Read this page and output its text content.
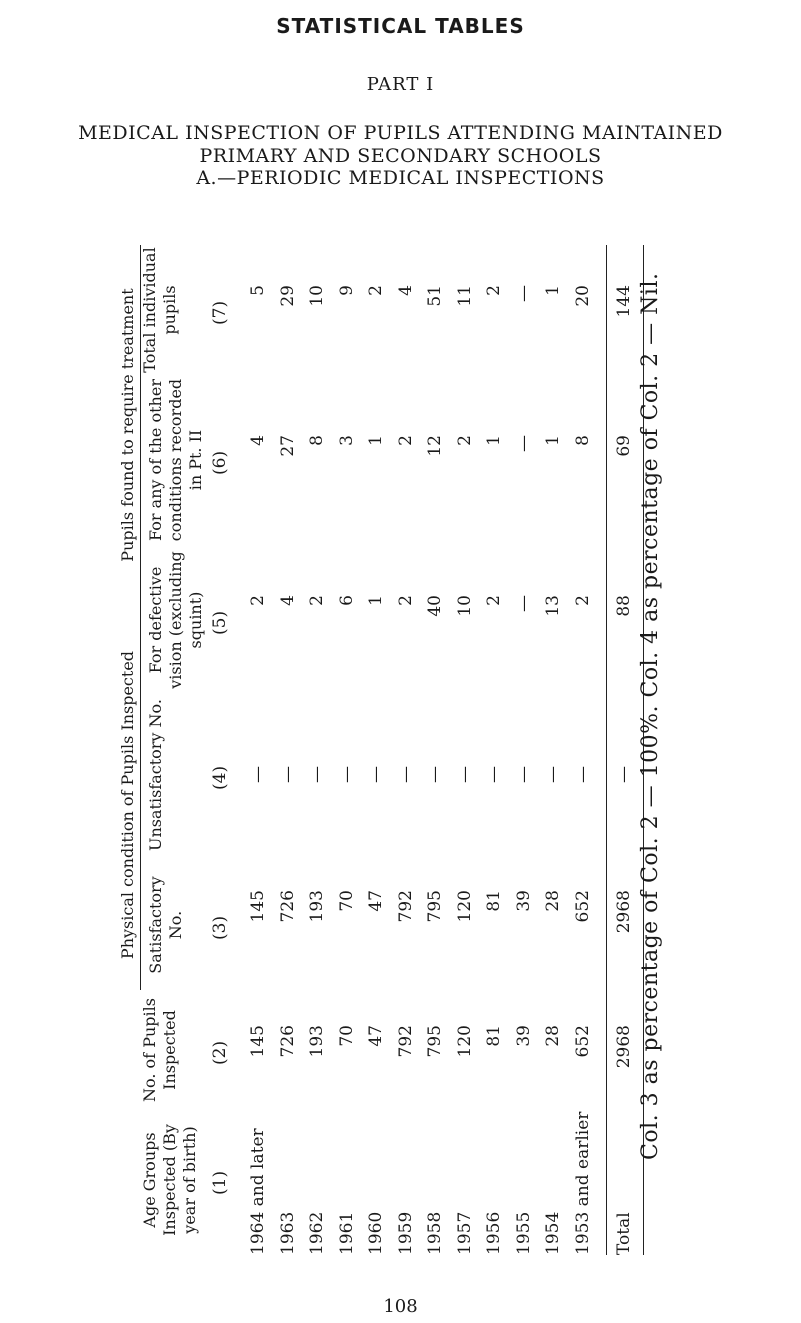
STATISTICAL TABLES
PART I
MEDICAL INSPECTION OF PUPILS ATTENDING MAINTAINED
PRIMARY AND SECONDARY SCHOOLS
A.—PERIODIC MEDICAL INSPECTIONS
Physical condition of Pupils Inspected
Pupils found to require treatment
Age Groups Inspected (By year of birth)
No. of Pupils Inspected
Satisfactory No.
Unsatisfactory No.
For defective vision (excluding squint)
For any of the other conditions recorded in Pt. II
Total individual pupils
(1)
(2)
(3)
(4)
(5)
(6)
(7)
1964 and later
145
145
—
2
4
5
1963
726
726
—
4
27
29
1962
193
193
—
2
8
10
1961
70
70
—
6
3
9
1960
47
47
—
1
1
2
1959
792
792
—
2
2
4
1958
795
795
—
40
12
51
1957
120
120
—
10
2
11
1956
81
81
—
2
1
2
1955
39
39
—
—
—
—
1954
28
28
—
13
1
1
1953 and earlier
652
652
—
2
8
20
Total
2968
2968
—
88
69
144 Col. 3 as percentage of Col. 2 — 100%. Col. 4 as percentage of Col. 2 — Nil.
108
